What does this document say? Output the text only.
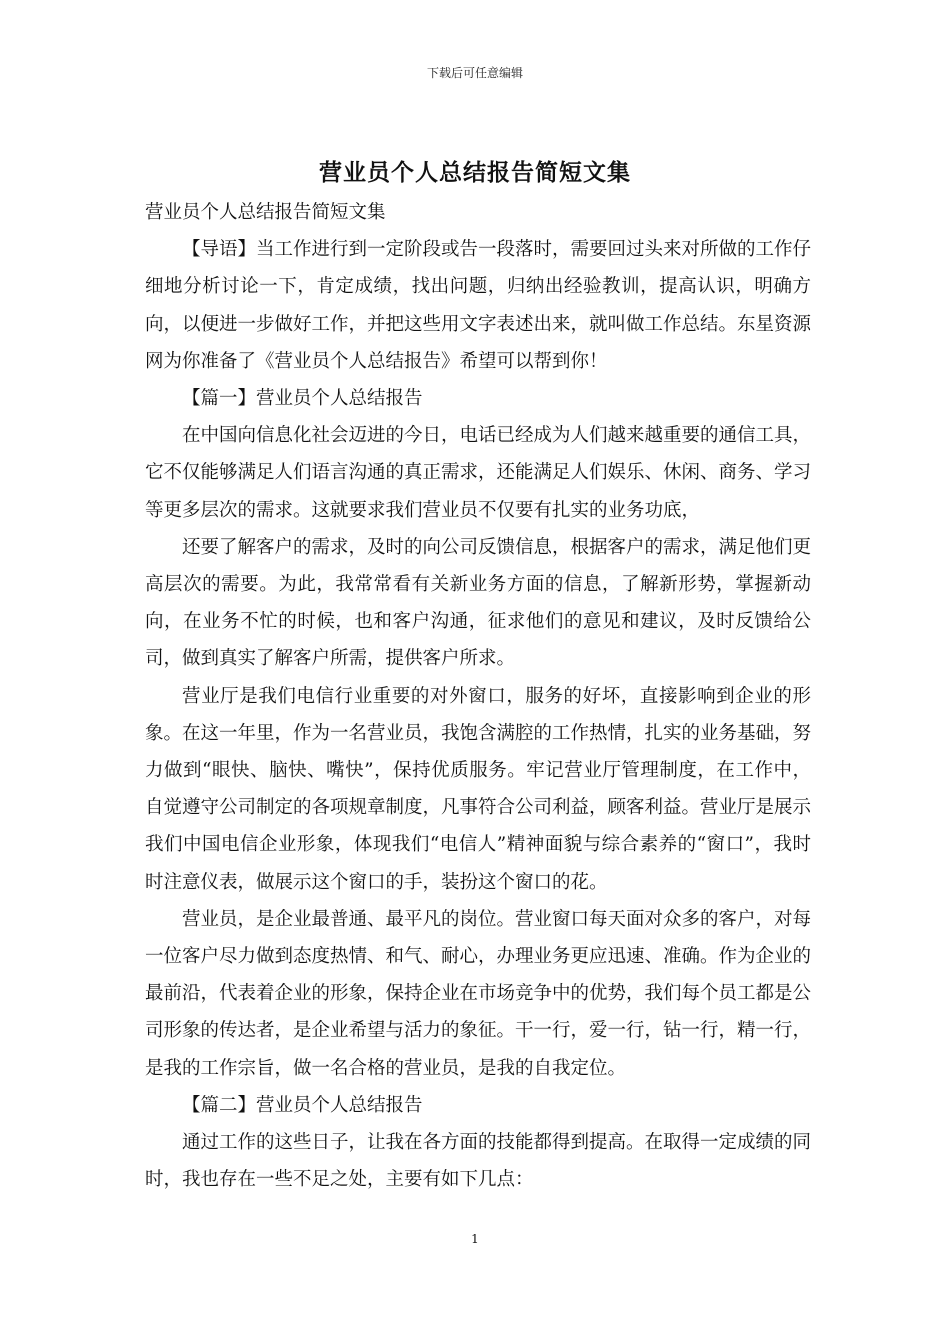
下载后可任意编辑
营业员个人总结报告简短文集

营业员个人总结报告简短文集

【导语】当工作进行到一定阶段或告一段落时，需要回过头来对所做的工作仔细地分析讨论一下，肯定成绩，找出问题，归纳出经验教训，提高认识，明确方向，以便进一步做好工作，并把这些用文字表述出来，就叫做工作总结。东星资源网为你准备了《营业员个人总结报告》希望可以帮到你！

【篇一】营业员个人总结报告

在中国向信息化社会迈进的今日，电话已经成为人们越来越重要的通信工具，它不仅能够满足人们语言沟通的真正需求，还能满足人们娱乐、休闲、商务、学习等更多层次的需求。这就要求我们营业员不仅要有扎实的业务功底，

还要了解客户的需求，及时的向公司反馈信息，根据客户的需求，满足他们更高层次的需要。为此，我常常看有关新业务方面的信息，了解新形势，掌握新动向，在业务不忙的时候，也和客户沟通，征求他们的意见和建议，及时反馈给公司，做到真实了解客户所需，提供客户所求。

营业厅是我们电信行业重要的对外窗口，服务的好坏，直接影响到企业的形象。在这一年里，作为一名营业员，我饱含满腔的工作热情，扎实的业务基础，努力做到“眼快、脑快、嘴快”，保持优质服务。牢记营业厅管理制度，在工作中，自觉遵守公司制定的各项规章制度，凡事符合公司利益，顾客利益。营业厅是展示我们中国电信企业形象，体现我们“电信人”精神面貌与综合素养的“窗口”，我时时注意仪表，做展示这个窗口的手，装扮这个窗口的花。

营业员，是企业最普通、最平凡的岗位。营业窗口每天面对众多的客户，对每一位客户尽力做到态度热情、和气、耐心，办理业务更应迅速、准确。作为企业的最前沿，代表着企业的形象，保持企业在市场竞争中的优势，我们每个员工都是公司形象的传达者，是企业希望与活力的象征。干一行，爱一行，钻一行，精一行，是我的工作宗旨，做一名合格的营业员，是我的自我定位。

【篇二】营业员个人总结报告

通过工作的这些日子，让我在各方面的技能都得到提高。在取得一定成绩的同时，我也存在一些不足之处，主要有如下几点：

1
